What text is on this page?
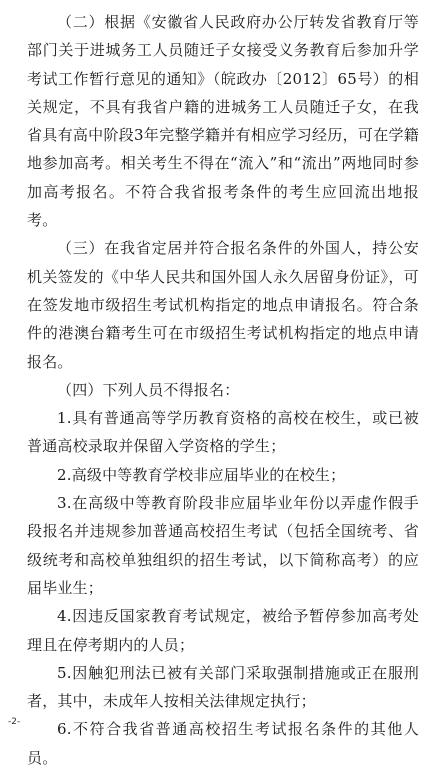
（二）根据《安徽省人民政府办公厅转发省教育厅等部门关于进城务工人员随迁子女接受义务教育后参加升学考试工作暂行意见的通知》（皖政办〔2012〕65号）的相关规定，不具有我省户籍的进城务工人员随迁子女，在我省具有高中阶段3年完整学籍并有相应学习经历，可在学籍地参加高考。相关考生不得在“流入”和“流出”两地同时参加高考报名。不符合我省报考条件的考生应回流出地报考。

（三）在我省定居并符合报名条件的外国人，持公安机关签发的《中华人民共和国外国人永久居留身份证》，可在签发地市级招生考试机构指定的地点申请报名。符合条件的港澳台籍考生可在市级招生考试机构指定的地点申请报名。

（四）下列人员不得报名：

1.具有普通高等学历教育资格的高校在校生，或已被普通高校录取并保留入学资格的学生；

2.高级中等教育学校非应届毕业的在校生；

3.在高级中等教育阶段非应届毕业年份以弄虚作假手段报名并违规参加普通高校招生考试（包括全国统考、省级统考和高校单独组织的招生考试，以下简称高考）的应届毕业生；

4.因违反国家教育考试规定，被给予暂停参加高考处理且在停考期内的人员；

5.因触犯刑法已被有关部门采取强制措施或正在服刑者，其中，未成年人按相关法律规定执行；

6.不符合我省普通高校招生考试报名条件的其他人员。

-2-
